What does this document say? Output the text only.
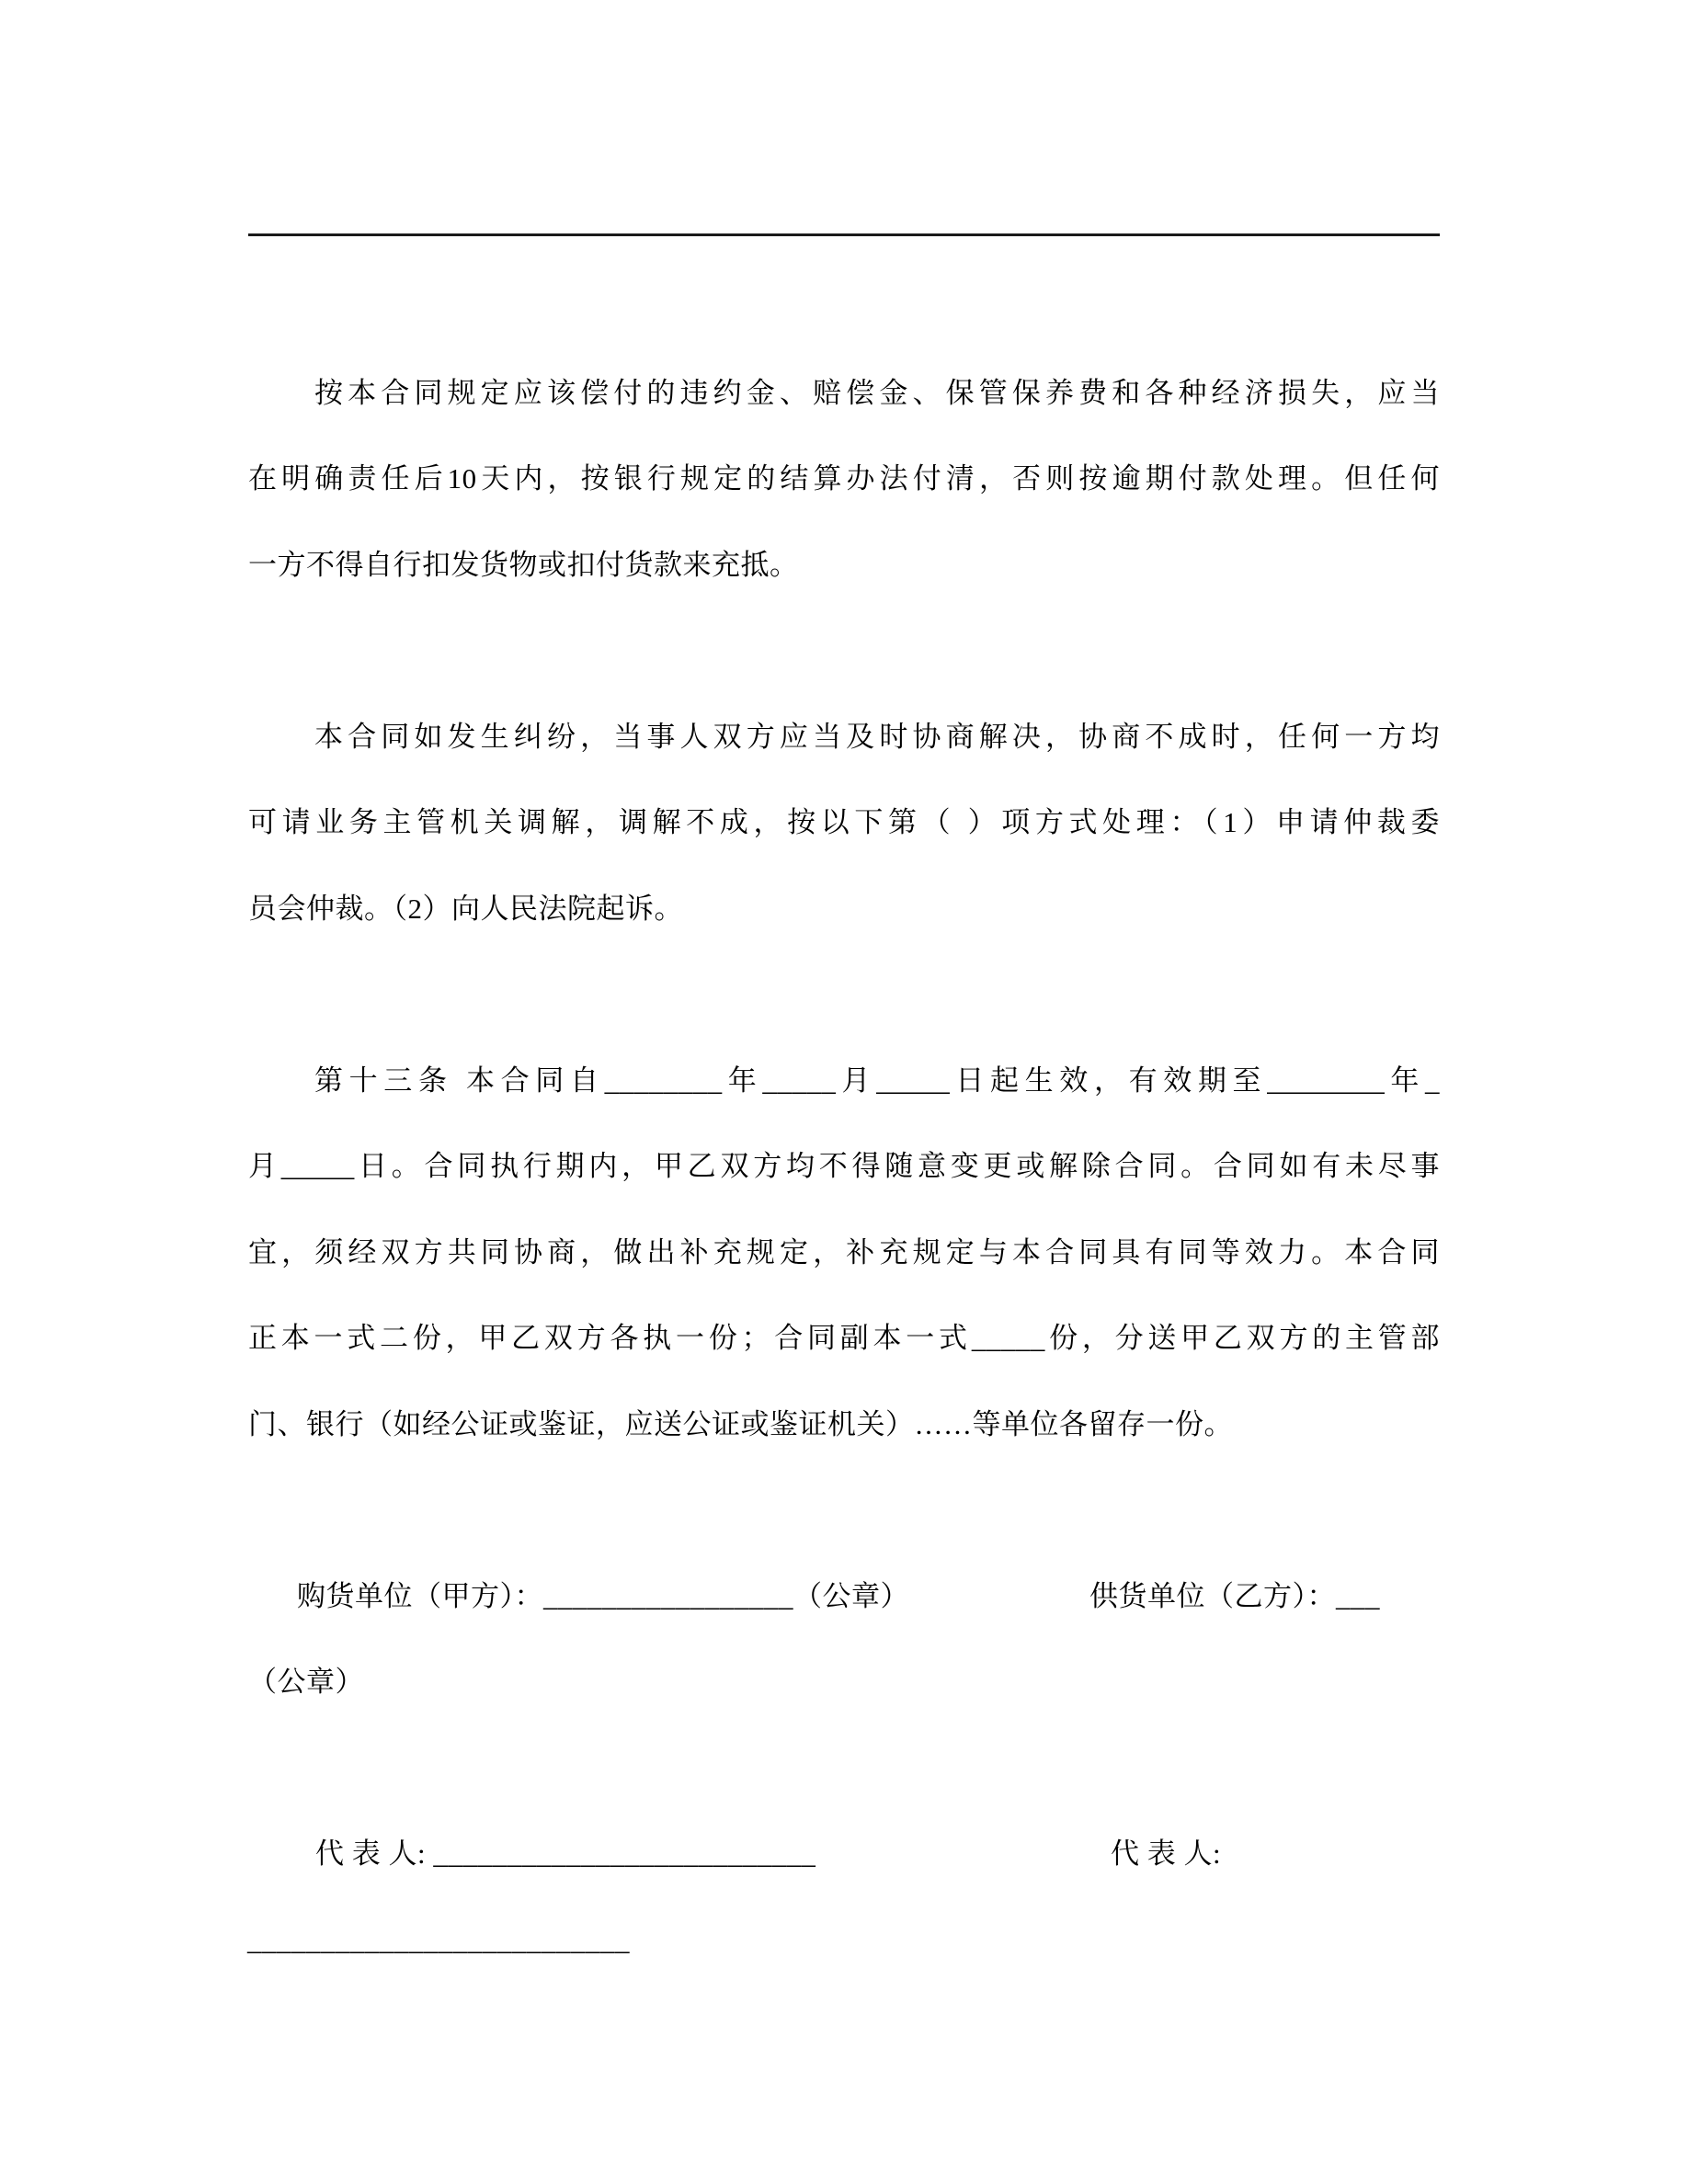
按本合同规定应该偿付的违约金、赔偿金、保管保养费和各种经济损失，应当
在明确责任后10天内，按银行规定的结算办法付清，否则按逾期付款处理。但任何
一方不得自行扣发货物或扣付货款来充抵。
本合同如发生纠纷，当事人双方应当及时协商解决，协商不成时，任何一方均
可请业务主管机关调解，调解不成，按以下第（ ）项方式处理：（1）申请仲裁委
员会仲裁。（2）向人民法院起诉。
第十三条 本合同自________年_____月_____日起生效，有效期至________年_
月_____日。合同执行期内，甲乙双方均不得随意变更或解除合同。合同如有未尽事
宜，须经双方共同协商，做出补充规定，补充规定与本合同具有同等效力。本合同
正本一式二份，甲乙双方各执一份；合同副本一式_____份，分送甲乙双方的主管部
门、银行（如经公证或鉴证，应送公证或鉴证机关）……等单位各留存一份。
购货单位（甲方）：_________________（公章）	供货单位（乙方）：___
（公章）
代 表 人: __________________________	代 表 人:
__________________________
